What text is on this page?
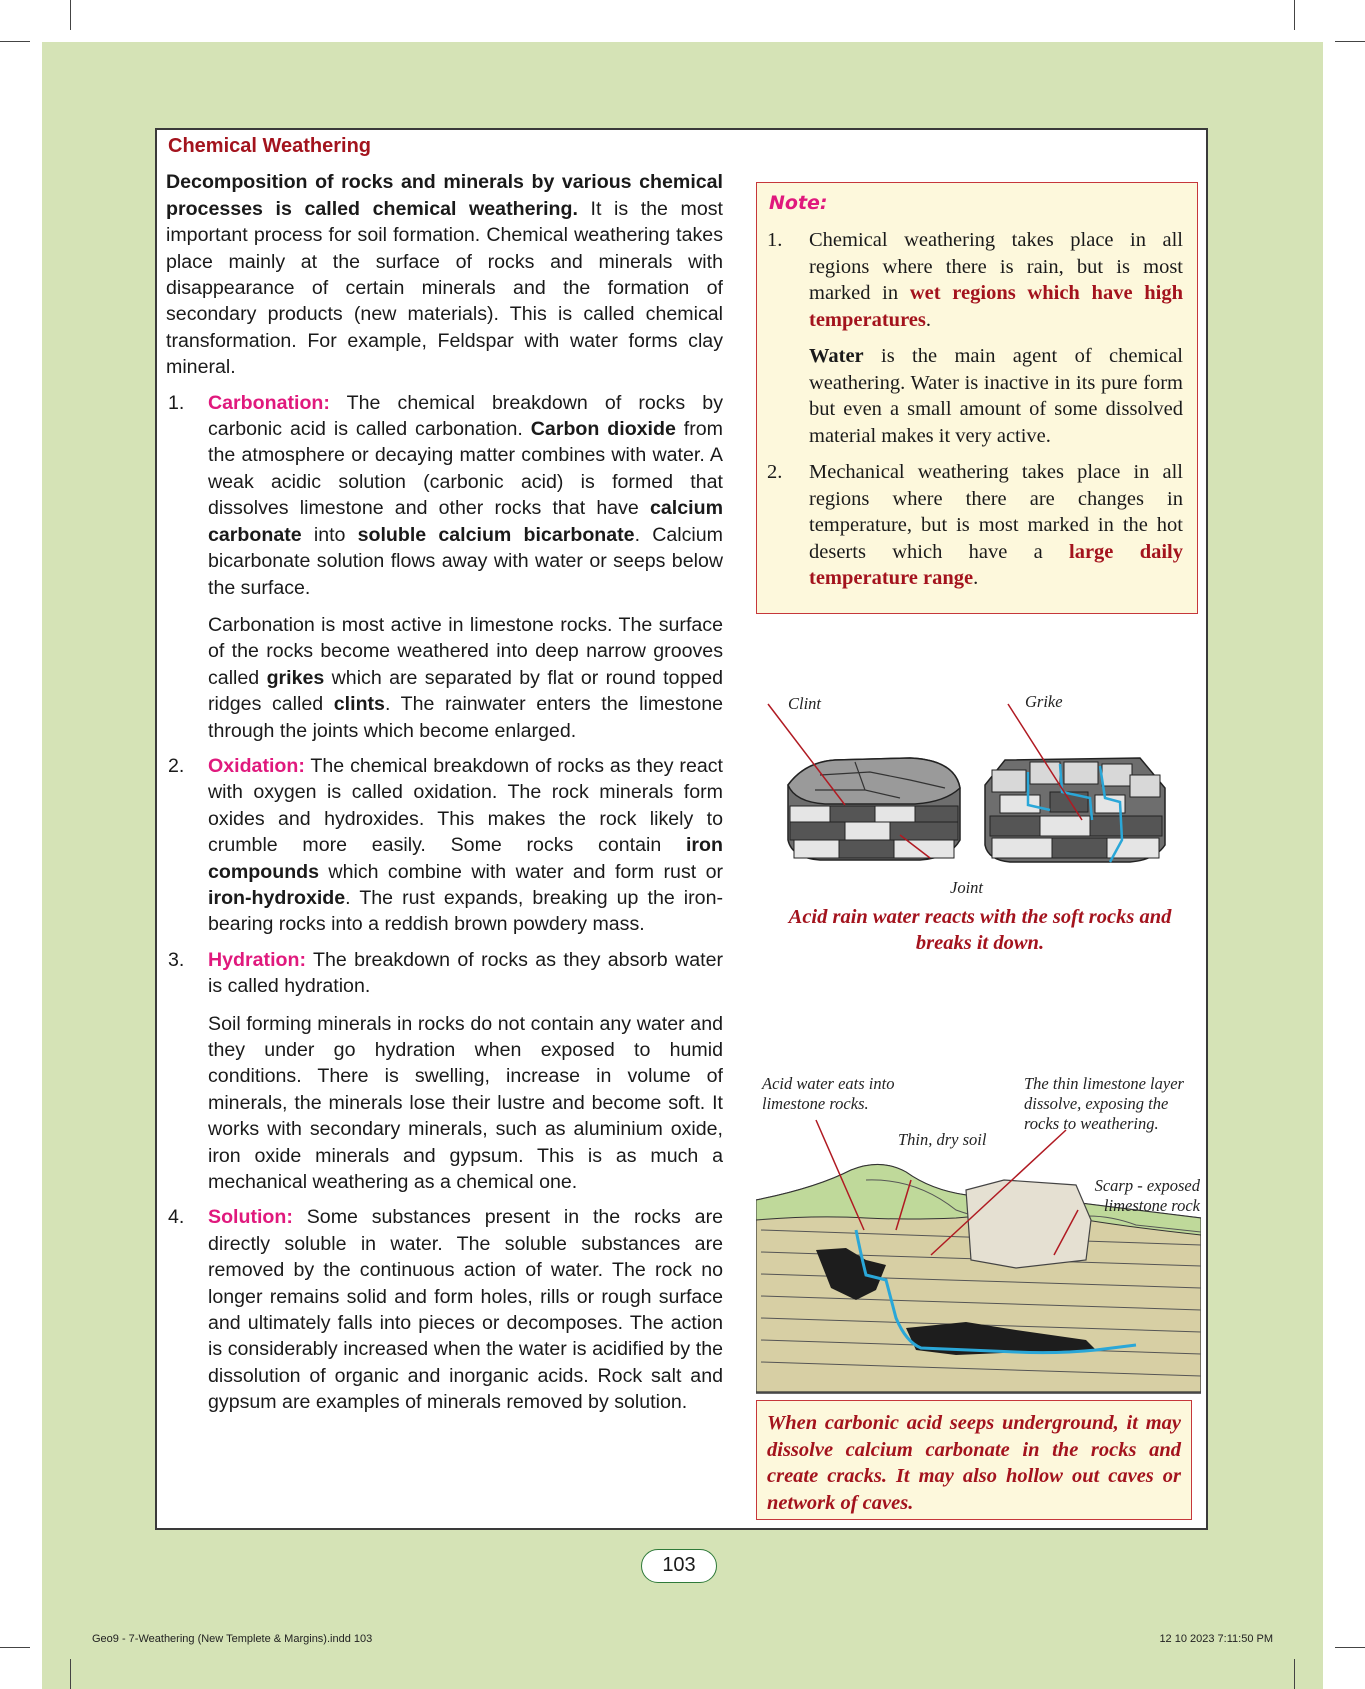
Chemical Weathering

Decomposition of rocks and minerals by various chemical processes is called chemical weathering. It is the most important process for soil formation. Chemical weathering takes place mainly at the surface of rocks and minerals with disappearance of certain minerals and the formation of secondary products (new materials). This is called chemical transformation. For example, Feldspar with water forms clay mineral.

1. Carbonation: The chemical breakdown of rocks by carbonic acid is called carbonation. Carbon dioxide from the atmosphere or decaying matter combines with water. A weak acidic solution (carbonic acid) is formed that dissolves limestone and other rocks that have calcium carbonate into soluble calcium bicarbonate. Calcium bicarbonate solution flows away with water or seeps below the surface.
Carbonation is most active in limestone rocks. The surface of the rocks become weathered into deep narrow grooves called grikes which are separated by flat or round topped ridges called clints. The rainwater enters the limestone through the joints which become enlarged.
2. Oxidation: The chemical breakdown of rocks as they react with oxygen is called oxidation. The rock minerals form oxides and hydroxides. This makes the rock likely to crumble more easily. Some rocks contain iron compounds which combine with water and form rust or iron-hydroxide. The rust expands, breaking up the iron-bearing rocks into a reddish brown powdery mass.
3. Hydration: The breakdown of rocks as they absorb water is called hydration.
Soil forming minerals in rocks do not contain any water and they under go hydration when exposed to humid conditions. There is swelling, increase in volume of minerals, the minerals lose their lustre and become soft. It works with secondary minerals, such as aluminium oxide, iron oxide minerals and gypsum. This is as much a mechanical weathering as a chemical one.
4. Solution: Some substances present in the rocks are directly soluble in water. The soluble substances are removed by the continuous action of water. The rock no longer remains solid and form holes, rills or rough surface and ultimately falls into pieces or decomposes. The action is considerably increased when the water is acidified by the dissolution of organic and inorganic acids. Rock salt and gypsum are examples of minerals removed by solution.
Note:
1. Chemical weathering takes place in all regions where there is rain, but is most marked in wet regions which have high temperatures.
Water is the main agent of chemical weathering. Water is inactive in its pure form but even a small amount of some dissolved material makes it very active.
2. Mechanical weathering takes place in all regions where there are changes in temperature, but is most marked in the hot deserts which have a large daily temperature range.
Clint	Grike
Joint
Acid rain water reacts with the soft rocks and breaks it down.
Acid water eats into limestone rocks.
The thin limestone layer dissolve, exposing the rocks to weathering.
Thin, dry soil
Scarp - exposed limestone rock
When carbonic acid seeps underground, it may dissolve calcium carbonate in the rocks and create cracks. It may also hollow out caves or network of caves.
103
Geo9 - 7-Weathering (New Templete & Margins).indd 103	12 10 2023 7:11:50 PM
